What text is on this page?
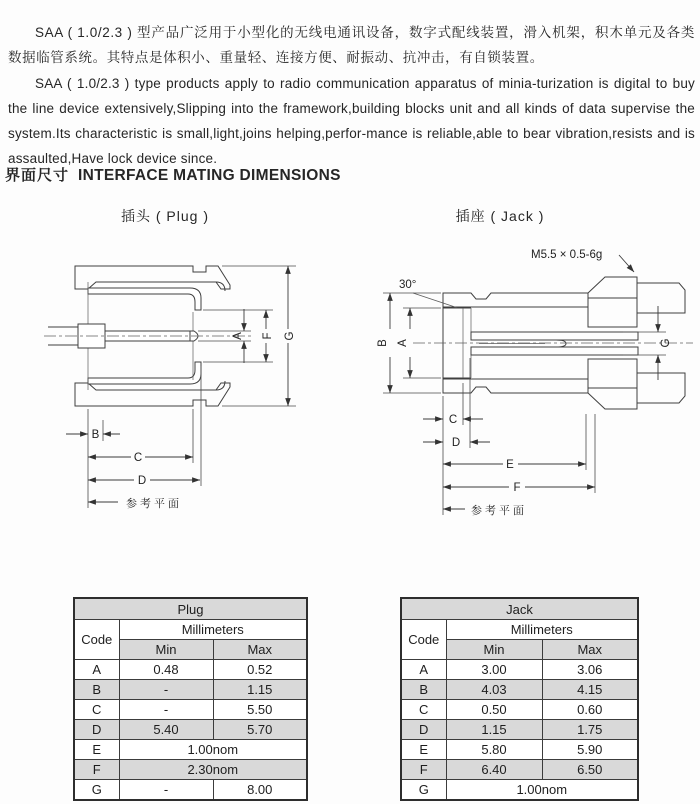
SAA ( 1.0/2.3 ) 型产品广泛用于小型化的无线电通讯设备，数字式配线装置，滑入机架，积木单元及各类数据临管系统。其特点是体积小、重量轻、连接方便、耐振动、抗冲击，有自锁装置。

SAA ( 1.0/2.3 ) type products apply to radio communication apparatus of minia-turization is digital to buy the line device extensively,Slipping into the framework,building blocks unit and all kinds of data supervise the system.Its characteristic is small,light,joins helping,perfor-mance is reliable,able to bear vibration,resists and is assaulted,Have lock device since.

界面尺寸 INTERFACE MATING DIMENSIONS
插头 ( Plug )	插座 ( Jack )
A F G
B
C
D
参考平面
M5.5 × 0.5-6g
30°
B A	G
C
D
E
F
参考平面
Plug		
Code	Millimeters	
	Min	Max
A	0.48	0.52
B	-	1.15
C	-	5.50
D	5.40	5.70
E	1.00nom	
F	2.30nom	
G	-	8.00
Jack		
Code	Millimeters	
	Min	Max
A	3.00	3.06
B	4.03	4.15
C	0.50	0.60
D	1.15	1.75
E	5.80	5.90
F	6.40	6.50
G	1.00nom	
